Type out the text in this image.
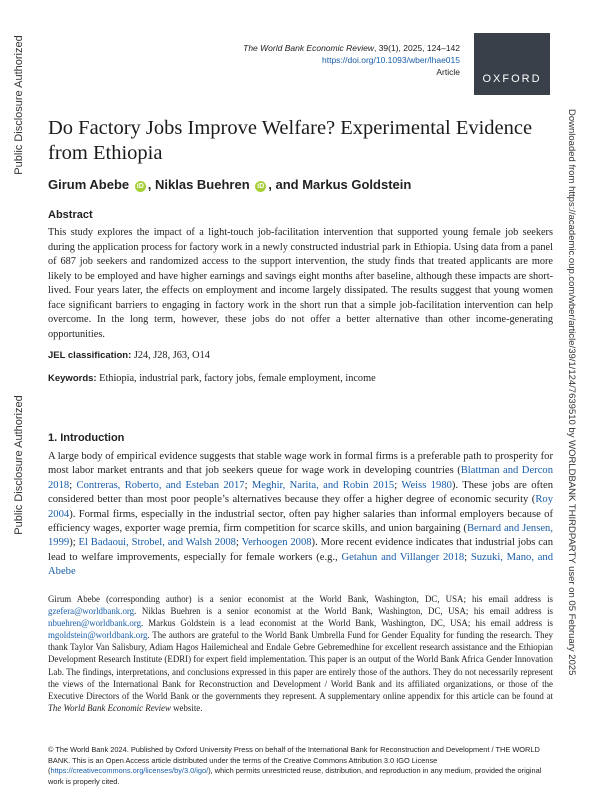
Public Disclosure Authorized
Public Disclosure Authorized	Downloaded from https://academic.oup.com/wber/article/39/1/124/7639510 by WORLDBANK THIRDPARTY user on 05 February 2025
The World Bank Economic Review, 39(1), 2025, 124–142
https://doi.org/10.1093/wber/lhae015
Article
OXFORD
Do Factory Jobs Improve Welfare? Experimental Evidence from Ethiopia
Girum Abebe iD , Niklas Buehren iD , and Markus Goldstein
Abstract
This study explores the impact of a light-touch job-facilitation intervention that supported young female job seekers during the application process for factory work in a newly constructed industrial park in Ethiopia. Using data from a panel of 687 job seekers and randomized access to the support intervention, the study finds that treated applicants are more likely to be employed and have higher earnings and savings eight months after baseline, although these impacts are short-lived. Four years later, the effects on employment and income largely dissipated. The results suggest that young women face significant barriers to engaging in factory work in the short run that a simple job-facilitation intervention can help overcome. In the long term, however, these jobs do not offer a better alternative than other income-generating opportunities.
JEL classification: J24, J28, J63, O14
Keywords: Ethiopia, industrial park, factory jobs, female employment, income
1. Introduction
A large body of empirical evidence suggests that stable wage work in formal firms is a preferable path to prosperity for most labor market entrants and that job seekers queue for wage work in developing countries (Blattman and Dercon 2018; Contreras, Roberto, and Esteban 2017; Meghir, Narita, and Robin 2015; Weiss 1980). These jobs are often considered better than most poor people’s alternatives because they offer a higher degree of economic security (Roy 2004). Formal firms, especially in the industrial sector, often pay higher salaries than informal employers because of efficiency wages, exporter wage premia, firm competition for scarce skills, and union bargaining (Bernard and Jensen, 1999); El Badaoui, Strobel, and Walsh 2008; Verhoogen 2008). More recent evidence indicates that industrial jobs can lead to welfare improvements, especially for female workers (e.g., Getahun and Villanger 2018; Suzuki, Mano, and Abebe
Girum Abebe (corresponding author) is a senior economist at the World Bank, Washington, DC, USA; his email address is gzefera@worldbank.org. Niklas Buehren is a senior economist at the World Bank, Washington, DC, USA; his email address is nbuehren@worldbank.org. Markus Goldstein is a lead economist at the World Bank, Washington, DC, USA; his email address is mgoldstein@worldbank.org. The authors are grateful to the World Bank Umbrella Fund for Gender Equality for funding the research. They thank Taylor Van Salisbury, Adiam Hagos Hailemicheal and Endale Gebre Gebremedhine for excellent research assistance and the Ethiopian Development Research Institute (EDRI) for expert field implementation. This paper is an output of the World Bank Africa Gender Innovation Lab. The findings, interpretations, and conclusions expressed in this paper are entirely those of the authors. They do not necessarily represent the views of the International Bank for Reconstruction and Development / World Bank and its affiliated organizations, or those of the Executive Directors of the World Bank or the governments they represent. A supplementary online appendix for this article can be found at The World Bank Economic Review website.
© The World Bank 2024. Published by Oxford University Press on behalf of the International Bank for Reconstruction and Development / THE WORLD BANK. This is an Open Access article distributed under the terms of the Creative Commons Attribution 3.0 IGO License (https://creativecommons.org/licenses/by/3.0/igo/), which permits unrestricted reuse, distribution, and reproduction in any medium, provided the original work is properly cited.
